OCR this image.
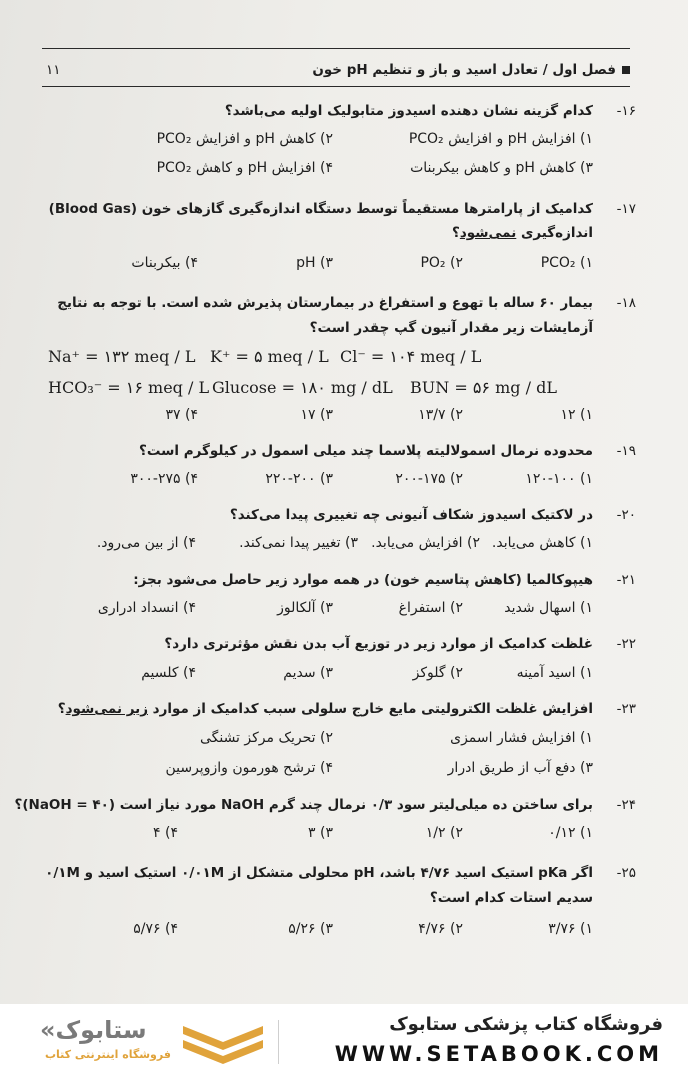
فصل اول / تعادل اسید و باز و تنظیم pH خون
۱۱
-۱۶
کدام گزینه نشان دهنده اسیدوز متابولیک اولیه می‌باشد؟
۱) افزایش pH و افزایش PCO₂
۲) کاهش pH و افزایش PCO₂
۳) کاهش pH و کاهش بیکربنات
۴) افزایش pH و کاهش PCO₂
-۱۷
کدامیک از پارامترها مستقیماً توسط دستگاه اندازه‌گیری گازهای خون (Blood Gas)
اندازه‌گیری نمی‌شود؟
۱) PCO₂
۲) PO₂
۳) pH
۴) بیکربنات
-۱۸
بیمار ۶۰ ساله با تهوع و استفراغ در بیمارستان پذیرش شده است. با توجه به نتایج
آزمایشات زیر مقدار آنیون گپ چقدر است؟
Na⁺ = ۱۳۲ meq / L K⁺ = ۵ meq / L Cl⁻ = ۱۰۴ meq / L
HCO₃⁻ = ۱۶ meq / L Glucose = ۱۸۰ mg / dL BUN = ۵۶ mg / dL
۱) ۱۲
۲) ۱۳/۷
۳) ۱۷
۴) ۳۷
-۱۹
محدوده نرمال اسمولالیته پلاسما چند میلی اسمول در کیلوگرم است؟
۱) ۱۲۰-۱۰۰
۲) ۲۰۰-۱۷۵
۳) ۲۲۰-۲۰۰
۴) ۳۰۰-۲۷۵
-۲۰
در لاکتیک اسیدوز شکاف آنیونی چه تغییری پیدا می‌کند؟
۱) کاهش می‌یابد.
۲) افزایش می‌یابد.
۳) تغییر پیدا نمی‌کند.
۴) از بین می‌رود.
-۲۱
هیپوکالمیا (کاهش پتاسیم خون) در همه موارد زیر حاصل می‌شود بجز:
۱) اسهال شدید
۲) استفراغ
۳) آلکالوز
۴) انسداد ادراری
-۲۲
غلظت کدامیک از موارد زیر در توزیع آب بدن نقش مؤثرتری دارد؟
۱) اسید آمینه
۲) گلوکز
۳) سدیم
۴) کلسیم
-۲۳
افزایش غلظت الکترولیتی مایع خارج سلولی سبب کدامیک از موارد زیر نمی‌شود؟
۱) افزایش فشار اسمزی
۲) تحریک مرکز تشنگی
۳) دفع آب از طریق ادرار
۴) ترشح هورمون وازوپرسین
-۲۴
برای ساختن ده میلی‌لیتر سود ۰/۳ نرمال چند گرم NaOH مورد نیاز است (NaOH = ۴۰)؟
۱) ۰/۱۲
۲) ۱/۲
۳) ۳
۴) ۴
-۲۵
اگر pKa استیک اسید ۴/۷۶ باشد، pH محلولی متشکل از ۰/۰۱M استیک اسید و ۰/۱M
سدیم استات کدام است؟
۱) ۳/۷۶
۲) ۴/۷۶
۳) ۵/۲۶
۴) ۵/۷۶
فروشگاه کتاب پزشکی ستابوک
WWW.SETABOOK.COM
«ستابوک
فروشگاه اینترنتی کتاب
